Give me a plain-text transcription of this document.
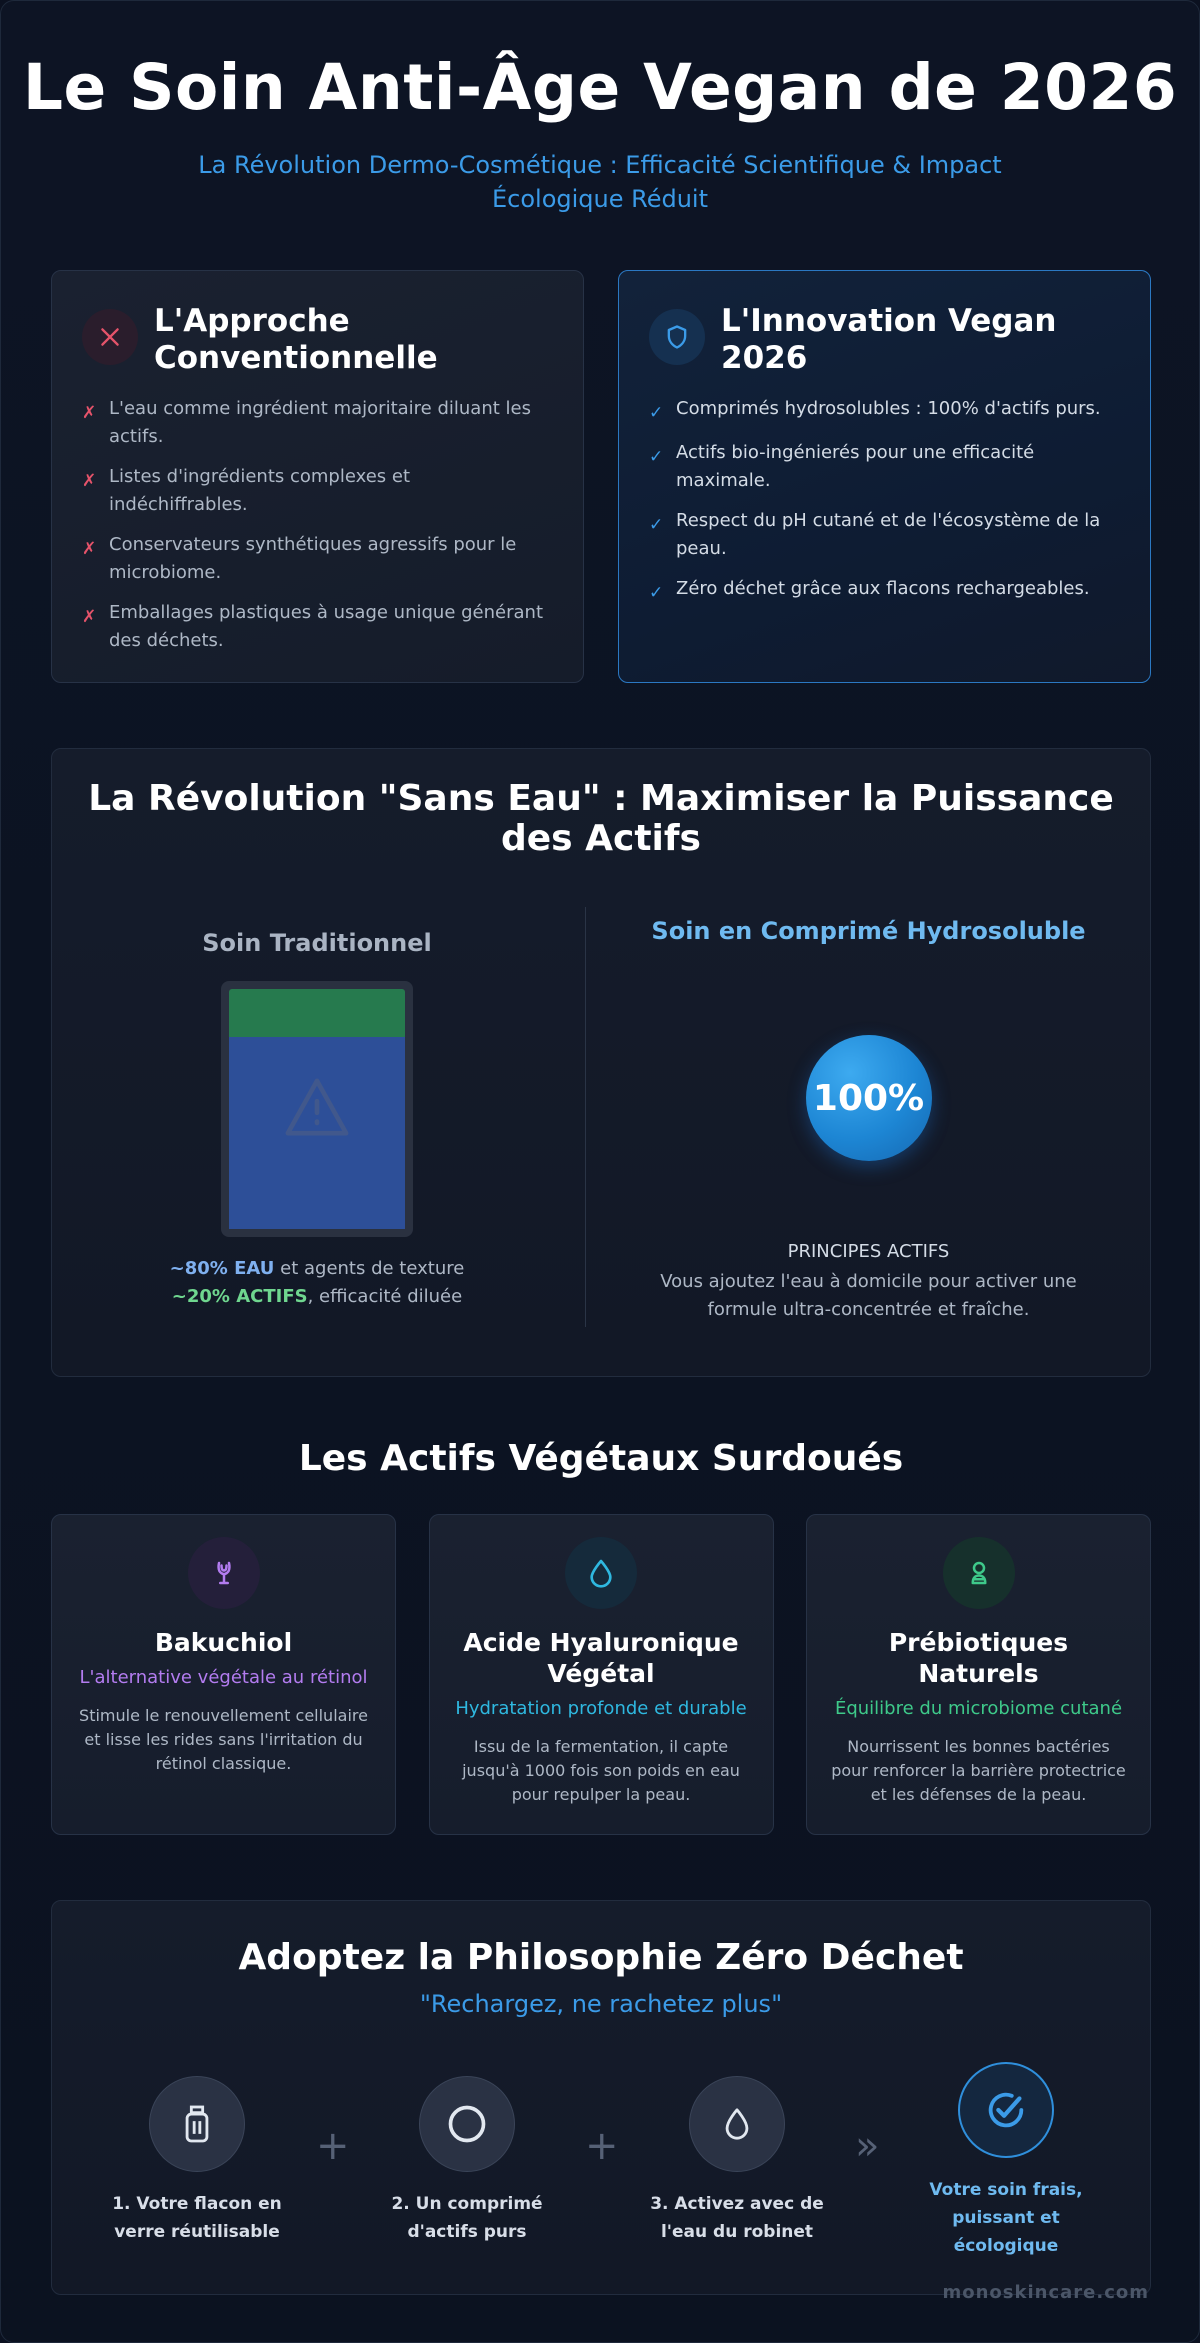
Le Soin Anti-Âge Vegan de 2026

La Révolution Dermo-Cosmétique : Efficacité Scientifique & Impact Écologique Réduit

L'Approche Conventionnelle
✗ L'eau comme ingrédient majoritaire diluant les actifs.
✗ Listes d'ingrédients complexes et indéchiffrables.
✗ Conservateurs synthétiques agressifs pour le microbiome.
✗ Emballages plastiques à usage unique générant des déchets.
L'Innovation Vegan 2026
✓ Comprimés hydrosolubles : 100% d'actifs purs.
✓ Actifs bio-ingénierés pour une efficacité maximale.
✓ Respect du pH cutané et de l'écosystème de la peau.
✓ Zéro déchet grâce aux flacons rechargeables.
La Révolution "Sans Eau" : Maximiser la Puissance des Actifs
Soin Traditionnel
~80% EAU et agents de texture
~20% ACTIFS, efficacité diluée
Soin en Comprimé Hydrosoluble
100%
PRINCIPES ACTIFS
Vous ajoutez l'eau à domicile pour activer une formule ultra-concentrée et fraîche.
Les Actifs Végétaux Surdoués
Bakuchiol
L'alternative végétale au rétinol
Stimule le renouvellement cellulaire et lisse les rides sans l'irritation du rétinol classique.
Acide Hyaluronique Végétal
Hydratation profonde et durable
Issu de la fermentation, il capte jusqu'à 1000 fois son poids en eau pour repulper la peau.
Prébiotiques Naturels
Équilibre du microbiome cutané
Nourrissent les bonnes bactéries pour renforcer la barrière protectrice et les défenses de la peau.
Adoptez la Philosophie Zéro Déchet
"Rechargez, ne rachetez plus"
1. Votre flacon en verre réutilisable
+
2. Un comprimé d'actifs purs
+
3. Activez avec de l'eau du robinet
»
Votre soin frais, puissant et écologique
monoskincare.com
